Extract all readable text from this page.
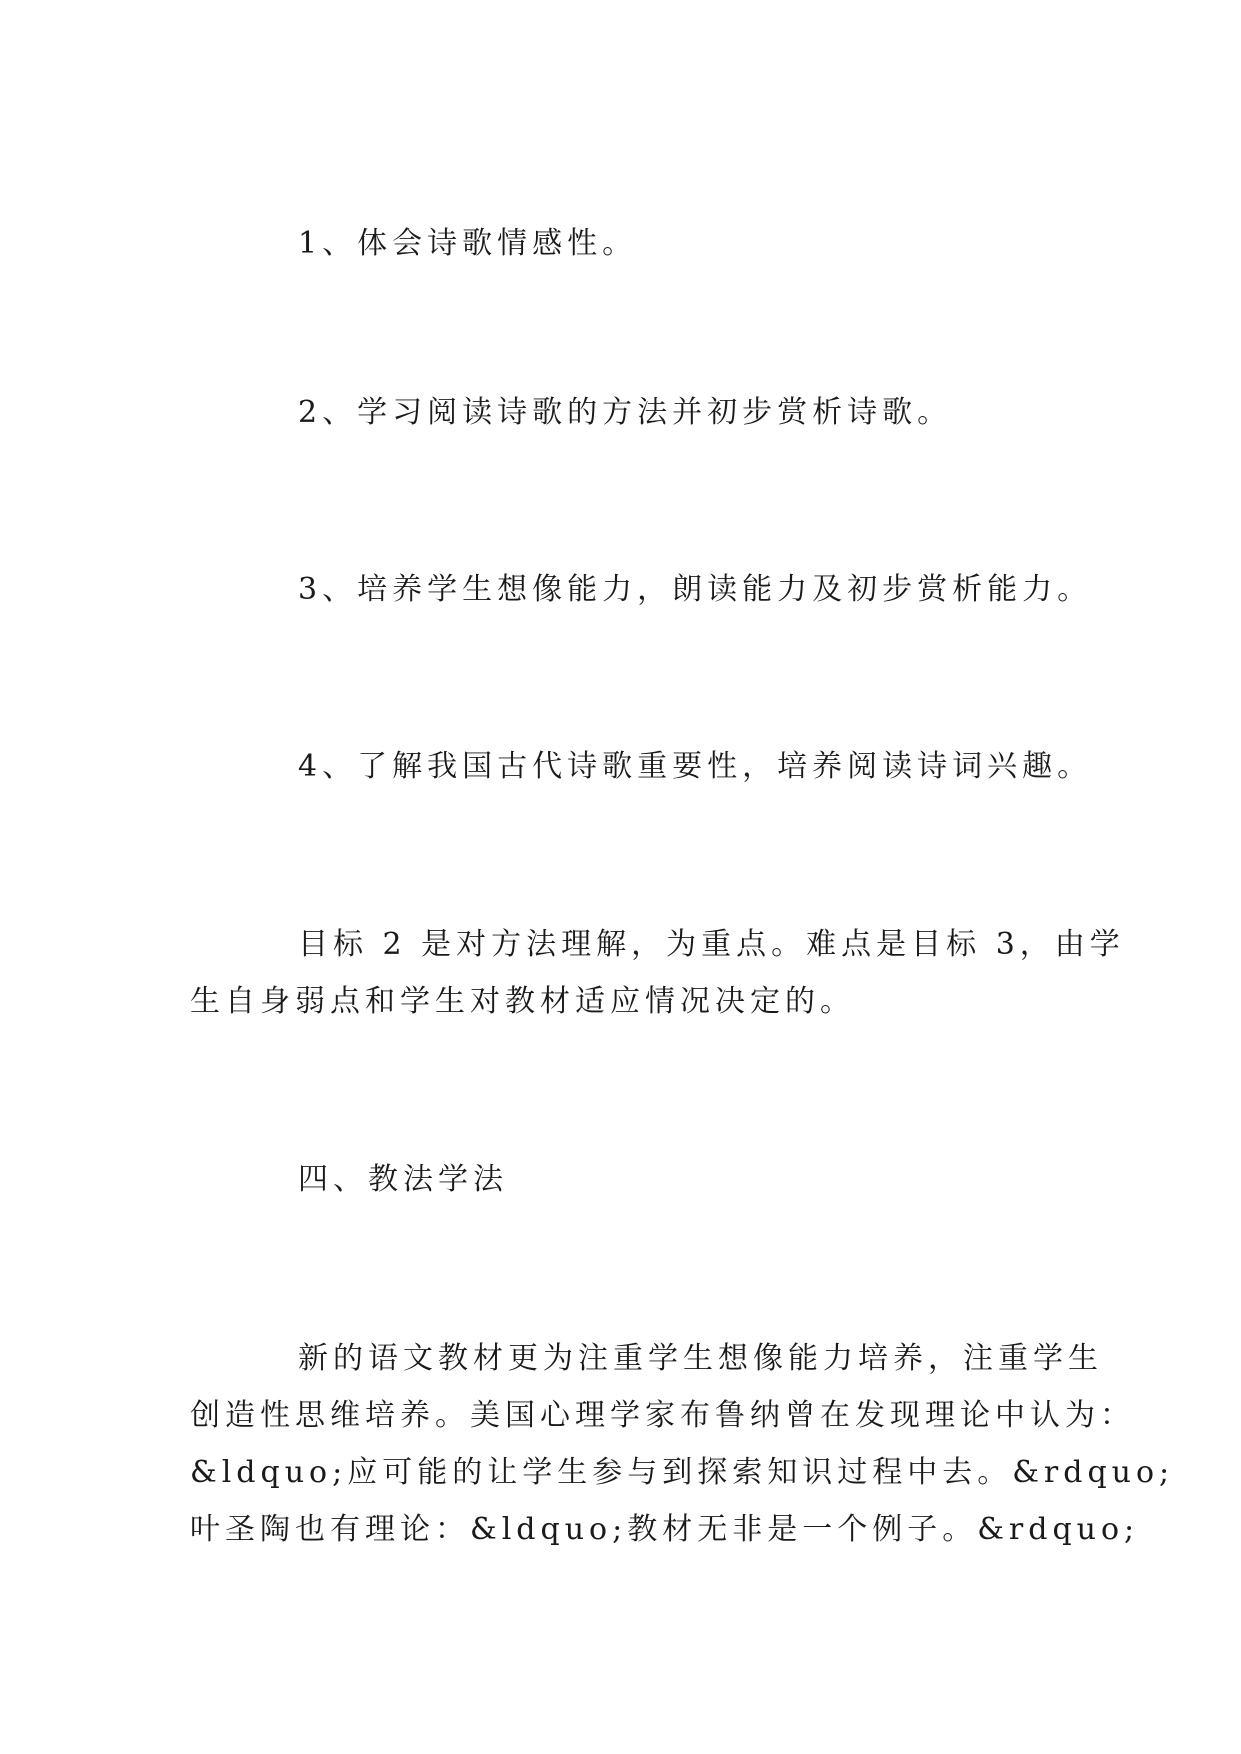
1、体会诗歌情感性。
2、学习阅读诗歌的方法并初步赏析诗歌。
3、培养学生想像能力，朗读能力及初步赏析能力。
4、了解我国古代诗歌重要性，培养阅读诗词兴趣。
目标 2 是对方法理解，为重点。难点是目标 3，由学
生自身弱点和学生对教材适应情况决定的。
四、教法学法
新的语文教材更为注重学生想像能力培养，注重学生
创造性思维培养。美国心理学家布鲁纳曾在发现理论中认为：
&ldquo;应可能的让学生参与到探索知识过程中去。&rdquo;
叶圣陶也有理论：&ldquo;教材无非是一个例子。&rdquo;
